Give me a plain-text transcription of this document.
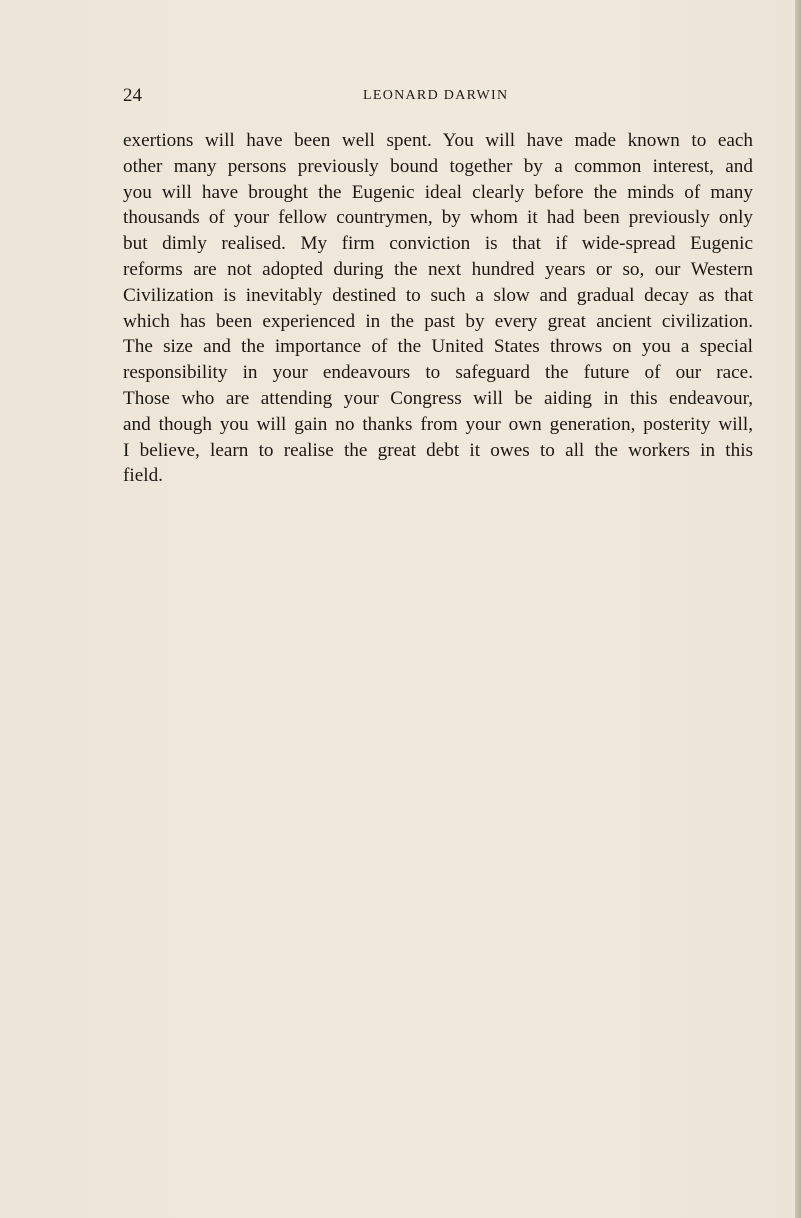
24	LEONARD DARWIN

exertions will have been well spent. You will have made known to each
other many persons previously bound together by a common interest, and
you will have brought the Eugenic ideal clearly before the minds of many
thousands of your fellow countrymen, by whom it had been previously only
but dimly realised. My firm conviction is that if wide-spread Eugenic
reforms are not adopted during the next hundred years or so, our Western
Civilization is inevitably destined to such a slow and gradual decay as that
which has been experienced in the past by every great ancient civilization.
The size and the importance of the United States throws on you a special
responsibility in your endeavours to safeguard the future of our race.
Those who are attending your Congress will be aiding in this endeavour,
and though you will gain no thanks from your own generation, posterity will,
I believe, learn to realise the great debt it owes to all the workers in this
field.
